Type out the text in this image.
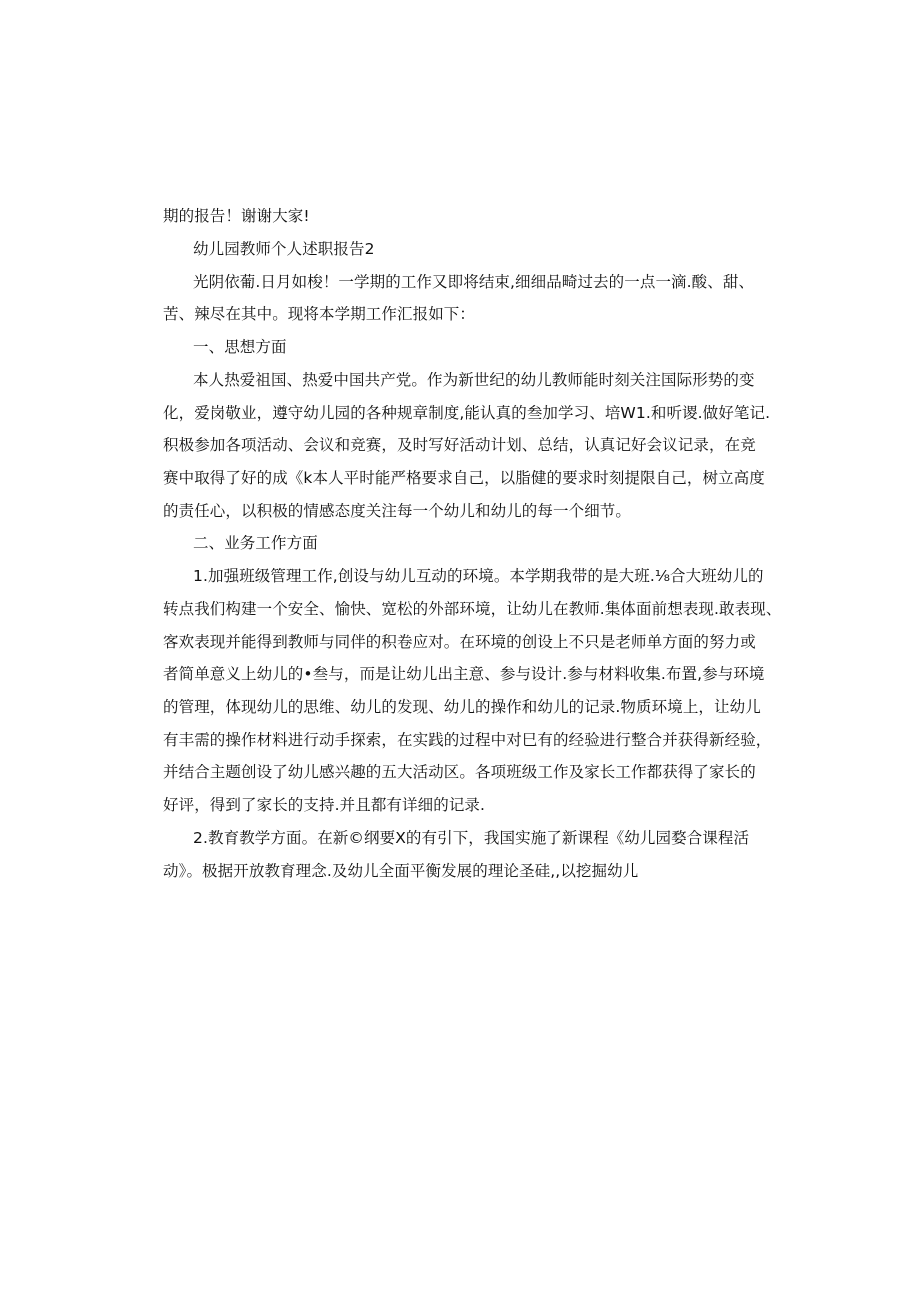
期的报告！谢谢大家!
幼儿园教师个人述职报告2
光阴依葡.日月如梭！一学期的工作又即将结束,细细品畸过去的一点一滴.酸、甜、
苦、辣尽在其中。现将本学期工作汇报如下：
一、思想方面
本人热爱祖国、热爱中国共产党。作为新世纪的幼儿教师能时刻关注国际形势的变
化，爱岗敬业，遵守幼儿园的各种规章制度,能认真的叁加学习、培W1.和听谡.做好笔记.
积极参加各项活动、会议和竞赛，及时写好活动计划、总结，认真记好会议记录，在竞
赛中取得了好的成《k本人平时能严格要求自己，以脂健的要求时刻提限自己，树立高度
的责任心，以积极的情感态度关注每一个幼儿和幼儿的每一个细节。
二、业务工作方面
1.加强班级管理工作,创设与幼儿互动的环境。本学期我带的是大班.⅛合大班幼儿的
转点我们构建一个安全、愉快、宽松的外部环境，让幼儿在教师.集体面前想表现.敢表现、
客欢表现并能得到教师与同伴的积卷应对。在环境的创设上不只是老师单方面的努力或
者简单意义上幼儿的•叁与，而是让幼儿出主意、参与设计.参与材料收集.布置,参与环境
的管理，体现幼儿的思维、幼儿的发现、幼儿的操作和幼儿的记录.物质环境上，让幼儿
有丰需的操作材料进行动手探索，在实践的过程中对巳有的经验进行整合并获得新经验，
并结合主题创设了幼儿感兴趣的五大活动区。各项班级工作及家长工作都获得了家长的
好评，得到了家长的支持.并且都有详细的记录.
2.教育教学方面。在新©纲要X的有引下，我国实施了新课程《幼儿园婺合课程活
动》。极据开放教育理念.及幼儿全面平衡发展的理论圣硅,,以挖掘幼儿
